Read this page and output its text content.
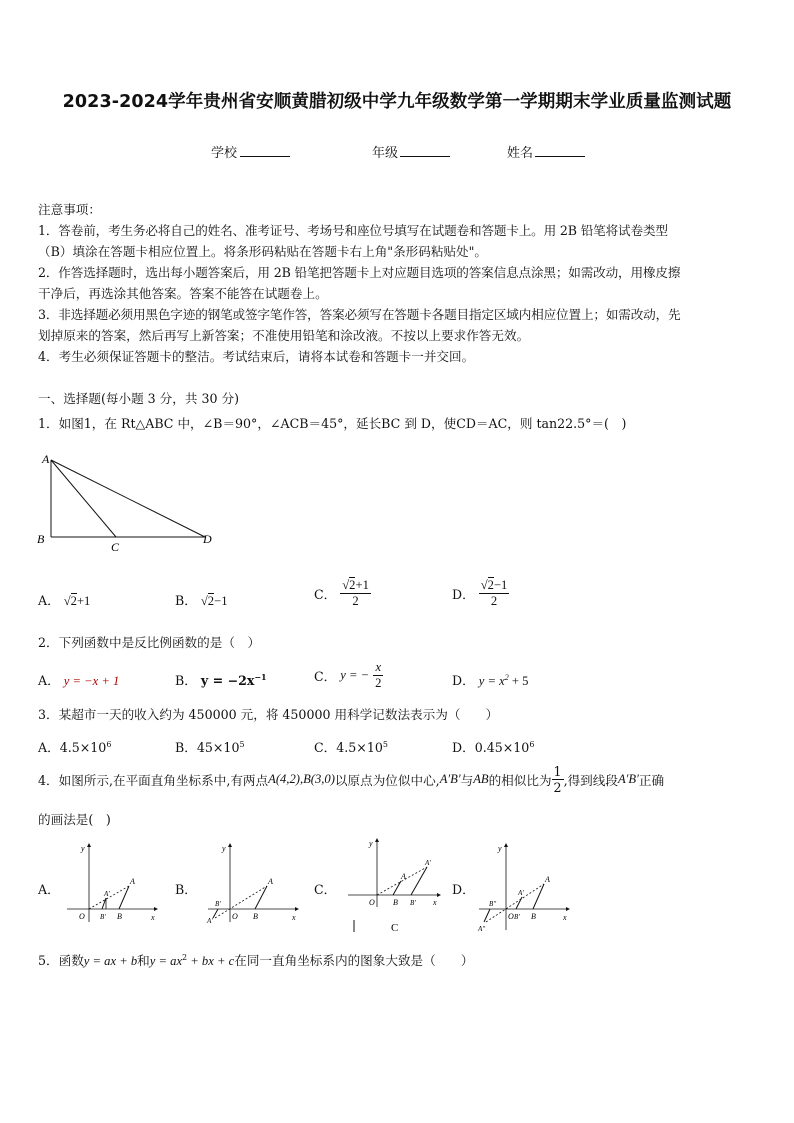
2023-2024学年贵州省安顺黄腊初级中学九年级数学第一学期期末学业质量监测试题
学校	年级	姓名
注意事项：
1．答卷前，考生务必将自己的姓名、准考证号、考场号和座位号填写在试题卷和答题卡上。用 2B 铅笔将试卷类型
（B）填涂在答题卡相应位置上。将条形码粘贴在答题卡右上角"条形码粘贴处"。
2．作答选择题时，选出每小题答案后，用 2B 铅笔把答题卡上对应题目选项的答案信息点涂黑；如需改动，用橡皮擦
干净后，再选涂其他答案。答案不能答在试题卷上。
3．非选择题必须用黑色字迹的钢笔或签字笔作答，答案必须写在答题卡各题目指定区域内相应位置上；如需改动，先
划掉原来的答案，然后再写上新答案；不准使用铅笔和涂改液。不按以上要求作答无效。
4．考生必须保证答题卡的整洁。考试结束后，请将本试卷和答题卡一并交回。
一、选择题(每小题 3 分，共 30 分)
1．如图1，在 Rt△ABC 中，∠B＝90°，∠ACB＝45°，延长BC 到 D，使CD＝AC，则 tan22.5°＝(　)
A
B
C
D
A． √2+1	B． √2−1	C． $\frac{√2+1}{2}$	D． $\frac{√2-1}{2}$
2．下列函数中是反比例函数的是（　）
A． y = −x + 1	B． $y = -2x^{-1}$	C． y = − $\frac{x}{2}$	D． $y = x^2 + 5$
3．某超市一天的收入约为 450000 元，将 450000 用科学记数法表示为（　　）
A．$4.5\times 10^6$	B．$45\times 10^5$	C．$4.5\times 10^5$	D．$0.45\times 10^6$
4．如图所示,在平面直角坐标系中,有两点A(4,2),B(3,0)以原点为位似中心,A′B′与AB的相似比为 $\frac{1}{2}$ ,得到线段A′B′正确
的画法是(　)
A．	B．	C．	D．
y
x
O
A
A′
B′ B
y
x
O
A
B
B′
A′
y
x
O
A
A′
B B′
C
y
x
O
A
A′
B′ B
B″
A″
5．函数y = ax + b和$y = ax^2$ + bx + c在同一直角坐标系内的图象大致是（　　）
